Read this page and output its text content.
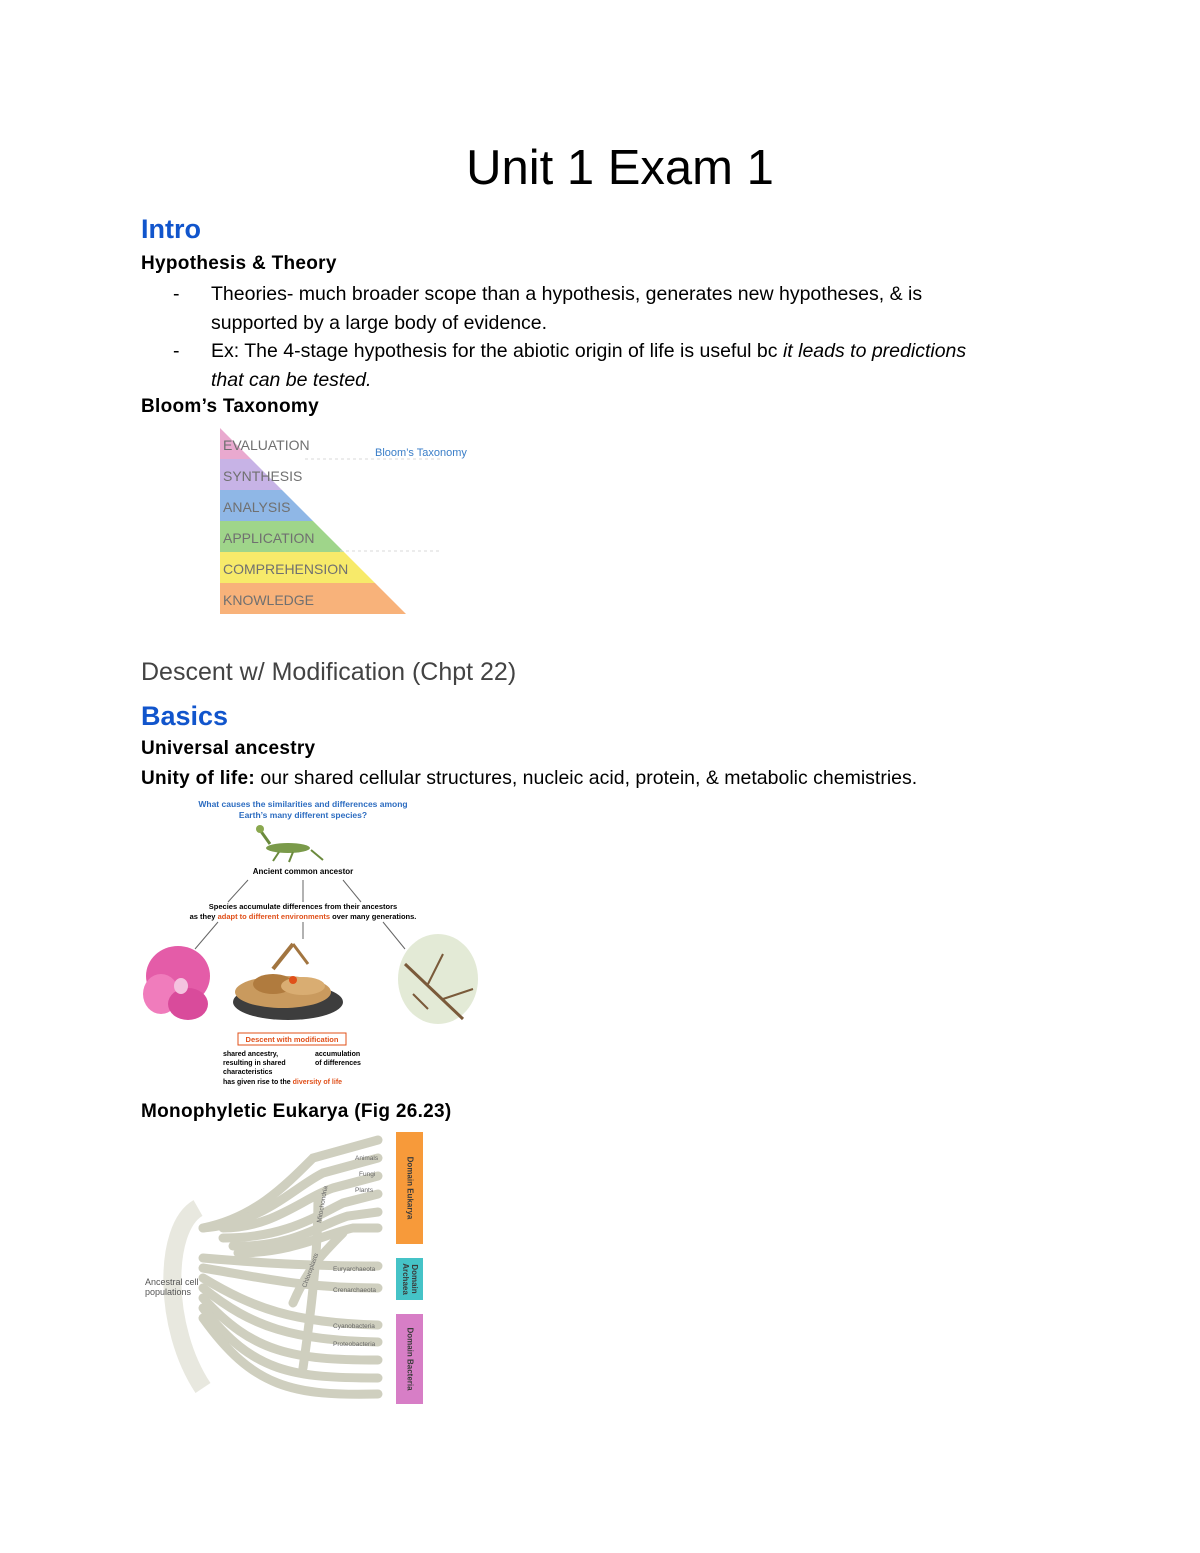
Unit 1 Exam 1
Intro
Hypothesis & Theory
-	Theories- much broader scope than a hypothesis, generates new hypotheses, & is
supported by a large body of evidence.
-	Ex: The 4-stage hypothesis for the abiotic origin of life is useful bc it leads to predictions
that can be tested.
Bloom’s Taxonomy
EVALUATION
SYNTHESIS
ANALYSIS
APPLICATION
COMPREHENSION
KNOWLEDGE
Bloom’s Taxonomy
Descent w/ Modification (Chpt 22)
Basics
Universal ancestry
Unity of life: our shared cellular structures, nucleic acid, protein, & metabolic chemistries.
What causes the similarities and differences among
Earth’s many different species?
Ancient common ancestor
Species accumulate differences from their ancestors
as they adapt to different environments over many generations.
Descent with modification
shared ancestry,
resulting in shared
characteristics
accumulation
of differences
has given rise to the diversity of life
Monophyletic Eukarya (Fig 26.23)
Ancestral cell
populations
Animals
Fungi
Plants
Euryarchaeota
Crenarchaeota
Cyanobacteria
Proteobacteria
Mitochondria
Chloroplasts
Domain Eukarya
Domain
Archaea
Domain Bacteria
